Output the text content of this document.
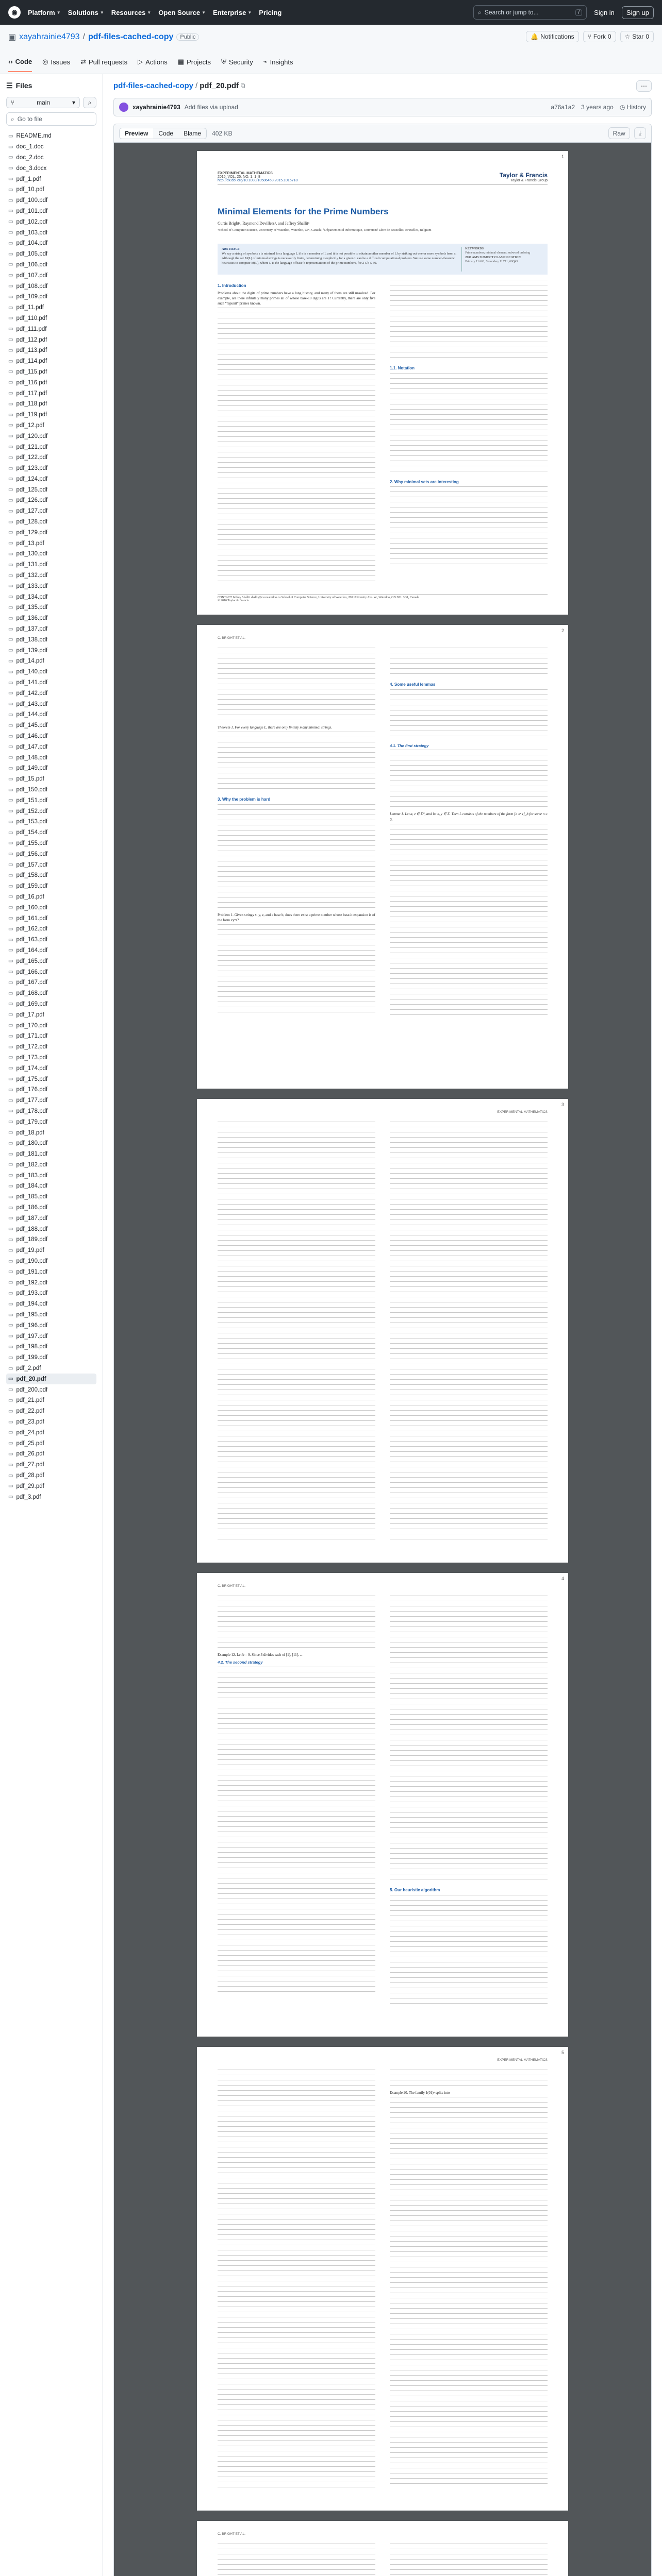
◉	Platform ▼ Solutions ▼ Resources ▼ Open Source ▼ Enterprise ▼ Pricing	⌕ Search or jump to...	/	Sign in	Sign up
▣ xayahrainie4793 / pdf-files-cached-copy	Public	🔔 Notifications ⑂ Fork 0 ☆ Star 0
‹› Code ◎ Issues ⇄ Pull requests ▷ Actions ▦ Projects ⛨ Security ⌁ Insights
☰ Files
⑂	main	▾ ⌕
⌕ Go to file
▭ README.md
▭ doc_1.doc
▭ doc_2.doc
▭ doc_3.docx
▭ pdf_1.pdf
▭ pdf_10.pdf
▭ pdf_100.pdf
▭ pdf_101.pdf
▭ pdf_102.pdf
▭ pdf_103.pdf
▭ pdf_104.pdf
▭ pdf_105.pdf
▭ pdf_106.pdf
▭ pdf_107.pdf
▭ pdf_108.pdf
▭ pdf_109.pdf
▭ pdf_11.pdf
▭ pdf_110.pdf
▭ pdf_111.pdf
▭ pdf_112.pdf
▭ pdf_113.pdf
▭ pdf_114.pdf
▭ pdf_115.pdf
▭ pdf_116.pdf
▭ pdf_117.pdf
▭ pdf_118.pdf
▭ pdf_119.pdf
▭ pdf_12.pdf
▭ pdf_120.pdf
▭ pdf_121.pdf
▭ pdf_122.pdf
▭ pdf_123.pdf
▭ pdf_124.pdf
▭ pdf_125.pdf
▭ pdf_126.pdf
▭ pdf_127.pdf
▭ pdf_128.pdf
▭ pdf_129.pdf
▭ pdf_13.pdf
▭ pdf_130.pdf
▭ pdf_131.pdf
▭ pdf_132.pdf
▭ pdf_133.pdf
▭ pdf_134.pdf
▭ pdf_135.pdf
▭ pdf_136.pdf
▭ pdf_137.pdf
▭ pdf_138.pdf
▭ pdf_139.pdf
▭ pdf_14.pdf
▭ pdf_140.pdf
▭ pdf_141.pdf
▭ pdf_142.pdf
▭ pdf_143.pdf
▭ pdf_144.pdf
▭ pdf_145.pdf
▭ pdf_146.pdf
▭ pdf_147.pdf
▭ pdf_148.pdf
▭ pdf_149.pdf
▭ pdf_15.pdf
▭ pdf_150.pdf
▭ pdf_151.pdf
▭ pdf_152.pdf
▭ pdf_153.pdf
▭ pdf_154.pdf
▭ pdf_155.pdf
▭ pdf_156.pdf
▭ pdf_157.pdf
▭ pdf_158.pdf
▭ pdf_159.pdf
▭ pdf_16.pdf
▭ pdf_160.pdf
▭ pdf_161.pdf
▭ pdf_162.pdf
▭ pdf_163.pdf
▭ pdf_164.pdf
▭ pdf_165.pdf
▭ pdf_166.pdf
▭ pdf_167.pdf
▭ pdf_168.pdf
▭ pdf_169.pdf
▭ pdf_17.pdf
▭ pdf_170.pdf
▭ pdf_171.pdf
▭ pdf_172.pdf
▭ pdf_173.pdf
▭ pdf_174.pdf
▭ pdf_175.pdf
▭ pdf_176.pdf
▭ pdf_177.pdf
▭ pdf_178.pdf
▭ pdf_179.pdf
▭ pdf_18.pdf
▭ pdf_180.pdf
▭ pdf_181.pdf
▭ pdf_182.pdf
▭ pdf_183.pdf
▭ pdf_184.pdf
▭ pdf_185.pdf
▭ pdf_186.pdf
▭ pdf_187.pdf
▭ pdf_188.pdf
▭ pdf_189.pdf
▭ pdf_19.pdf
▭ pdf_190.pdf
▭ pdf_191.pdf
▭ pdf_192.pdf
▭ pdf_193.pdf
▭ pdf_194.pdf
▭ pdf_195.pdf
▭ pdf_196.pdf
▭ pdf_197.pdf
▭ pdf_198.pdf
▭ pdf_199.pdf
▭ pdf_2.pdf
▭ pdf_20.pdf
▭ pdf_200.pdf
▭ pdf_21.pdf
▭ pdf_22.pdf
▭ pdf_23.pdf
▭ pdf_24.pdf
▭ pdf_25.pdf
▭ pdf_26.pdf
▭ pdf_27.pdf
▭ pdf_28.pdf
▭ pdf_29.pdf
▭ pdf_3.pdf
pdf-files-cached-copy / pdf_20.pdf ⧉	⋯
xayahrainie4793 Add files via upload	a76a1a2 3 years ago ◷ History
Preview	Code	Blame	402 KB	Raw	⤓
1
EXPERIMENTAL MATHEMATICS
2016, VOL. 25, NO. 1, 1–8
http://dx.doi.org/10.1080/10586458.2015.1015718
Taylor & Francis
Taylor & Francis Group
Minimal Elements for the Prime Numbers
Curtis Brightᵃ, Raymond Devillersᵇ, and Jeffrey Shallitᵃ
ᵃSchool of Computer Science, University of Waterloo, Waterloo, ON, Canada; ᵇDépartement d'Informatique, Université Libre de Bruxelles, Bruxelles, Belgium
ABSTRACT
We say a string of symbols s is minimal for a language L if s is a member of L and it is not possible to obtain another member of L by striking out one or more symbols from s. Although the set M(L) of minimal strings is necessarily finite, determining it explicitly for a given L can be a difficult computational problem. We use some number-theoretic heuristics to compute M(L), where L is the language of base-b representations of the prime numbers, for 2 ≤ b ≤ 30.
KEYWORDS
Prime numbers; minimal element; subword ordering
2000 AMS SUBJECT CLASSIFICATION
Primary 11A63; Secondary 11Y11, 68Q45
1. Introduction

Problems about the digits of prime numbers have a long history, and many of them are still unsolved. For example, are there infinitely many primes all of whose base-10 digits are 1? Currently, there are only five such “repunit” primes known.

1.1. Notation
2. Why minimal sets are interesting
CONTACT Jeffrey Shallit shallit@cs.uwaterloo.ca School of Computer Science, University of Waterloo, 200 University Ave. W., Waterloo, ON N2L 3G1, Canada
© 2016 Taylor & Francis
2
C. BRIGHT ET AL.

Theorem 1. For every language L, there are only finitely many minimal strings.

3. Why the problem is hard

Problem 1. Given strings x, y, z, and a base b, does there exist a prime number whose base-b expansion is of the form xyⁿz?

4. Some useful lemmas
4.1. The first strategy

Lemma 1. Let a, z ∈ Σ*, and let x, y ∈ Σ. Then L consists of the numbers of the form [a xⁿ z]_b for some n ≥ 0.

3
EXPERIMENTAL MATHEMATICS
4
C. BRIGHT ET AL.

Example 12. Let b = 9. Since 3 divides each of [1], [11], ...

4.2. The second strategy
5. Our heuristic algorithm
5
EXPERIMENTAL MATHEMATICS

Example 20. The family 1(01)ⁿ splits into

C. BRIGHT ET AL.
